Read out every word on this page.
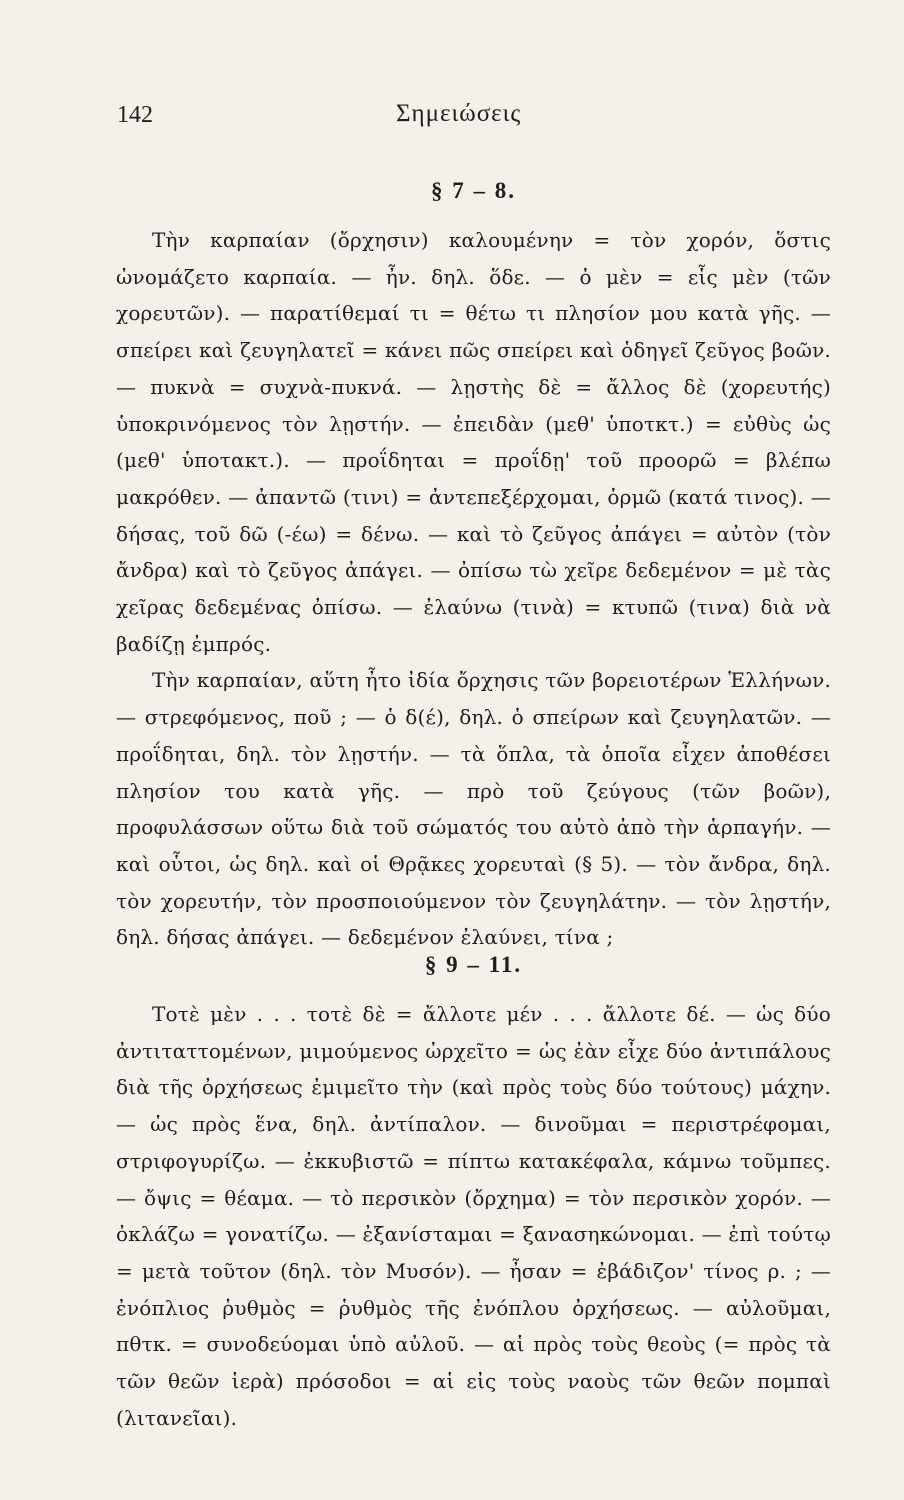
142	Σημειώσεις
§ 7 – 8.

Τὴν καρπαίαν (ὄρχησιν) καλουμένην = τὸν χορόν, ὅστις ὠνομάζετο καρπαία. — ἦν. δηλ. ὅδε. — ὁ μὲν = εἷς μὲν (τῶν χορευτῶν). — παρατίθεμαί τι = θέτω τι πλησίον μου κατὰ γῆς. — σπείρει καὶ ζευγηλατεῖ = κάνει πῶς σπείρει καὶ ὁδηγεῖ ζεῦγος βοῶν. — πυκνὰ = συχνὰ-πυκνά. — λῃστὴς δὲ = ἄλλος δὲ (χορευτής) ὑποκρινόμενος τὸν λῃστήν. — ἐπειδὰν (μεθ' ὑποτκτ.) = εὐθὺς ὡς (μεθ' ὑποτακτ.). — προΐδηται = προΐδῃ' τοῦ προορῶ = βλέπω μακρόθεν. — ἀπαντῶ (τινι) = ἀντεπεξέρχομαι, ὁρμῶ (κατά τινος). — δήσας, τοῦ δῶ (-έω) = δένω. — καὶ τὸ ζεῦγος ἀπάγει = αὐτὸν (τὸν ἄνδρα) καὶ τὸ ζεῦγος ἀπάγει. — ὀπίσω τὼ χεῖρε δεδεμένον = μὲ τὰς χεῖρας δεδεμένας ὀπίσω. — ἐλαύνω (τινὰ) = κτυπῶ (τινα) διὰ νὰ βαδίζῃ ἐμπρός.

Τὴν καρπαίαν, αὕτη ἦτο ἰδία ὄρχησις τῶν βορειοτέρων Ἑλλήνων. — στρεφόμενος, ποῦ ; — ὁ δ(έ), δηλ. ὁ σπείρων καὶ ζευγηλατῶν. — προΐδηται, δηλ. τὸν λῃστήν. — τὰ ὅπλα, τὰ ὁποῖα εἶχεν ἀποθέσει πλησίον του κατὰ γῆς. — πρὸ τοῦ ζεύγους (τῶν βοῶν), προφυλάσσων οὕτω διὰ τοῦ σώματός του αὐτὸ ἀπὸ τὴν ἁρπαγήν. — καὶ οὗτοι, ὡς δηλ. καὶ οἱ Θρᾷκες χορευταὶ (§ 5). — τὸν ἄνδρα, δηλ. τὸν χορευτήν, τὸν προσποιούμενον τὸν ζευγηλάτην. — τὸν λῃστήν, δηλ. δήσας ἀπάγει. — δεδεμένον ἐλαύνει, τίνα ;

§ 9 – 11.

Τοτὲ μὲν . . . τοτὲ δὲ = ἄλλοτε μέν . . . ἄλλοτε δέ. — ὡς δύο ἀντιταττομένων, μιμούμενος ὠρχεῖτο = ὡς ἐὰν εἶχε δύο ἀντιπάλους διὰ τῆς ὀρχήσεως ἐμιμεῖτο τὴν (καὶ πρὸς τοὺς δύο τούτους) μάχην. — ὡς πρὸς ἕνα, δηλ. ἀντίπαλον. — δινοῦμαι = περιστρέφομαι, στριφογυρίζω. — ἐκκυβιστῶ = πίπτω κατακέφαλα, κάμνω τοῦμπες. — ὄψις = θέαμα. — τὸ περσικὸν (ὄρχημα) = τὸν περσικὸν χορόν. — ὀκλάζω = γονατίζω. — ἐξανίσταμαι = ξανασηκώνομαι. — ἐπὶ τούτῳ = μετὰ τοῦτον (δηλ. τὸν Μυσόν). — ἦσαν = ἐβάδιζον' τίνος ρ. ; — ἐνόπλιος ῥυθμὸς = ῥυθμὸς τῆς ἐνόπλου ὀρχήσεως. — αὐλοῦμαι, πθτκ. = συνοδεύομαι ὑπὸ αὐλοῦ. — αἱ πρὸς τοὺς θεοὺς (= πρὸς τὰ τῶν θεῶν ἱερὰ) πρόσοδοι = αἱ εἰς τοὺς ναοὺς τῶν θεῶν πομπαὶ (λιτανεῖαι).
